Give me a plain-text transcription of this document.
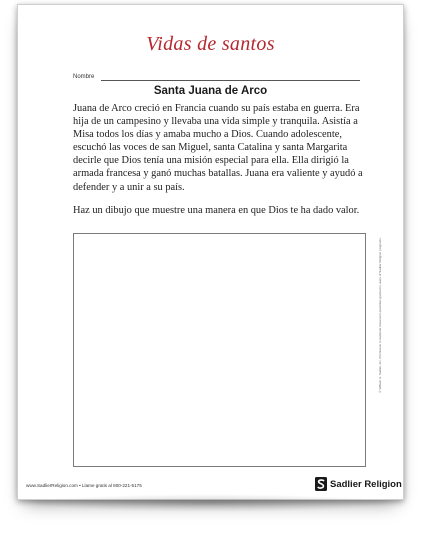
Vidas de santos
Nombre
Santa Juana de Arco

Juana de Arco creció en Francia cuando su país estaba en guerra. Era hija de un campesino y llevaba una vida simple y tranquila. Asistía a Misa todos los días y amaba mucho a Dios. Cuando adolescente, escuchó las voces de san Miguel, santa Catalina y santa Margarita decirle que Dios tenía una misión especial para ella. Ella dirigió la armada francesa y ganó muchas batallas. Juana era valiente y ayudó a defender y a unir a su país.

Haz un dibujo que muestre una manera en que Dios te ha dado valor.

© William H. Sadlier, Inc. Permission to duplicate classroom quantities granted to users of Sadlier Religion programs.
www.SadlierReligion.com • Llame gratis al 800-221-5175	Sadlier Religion
